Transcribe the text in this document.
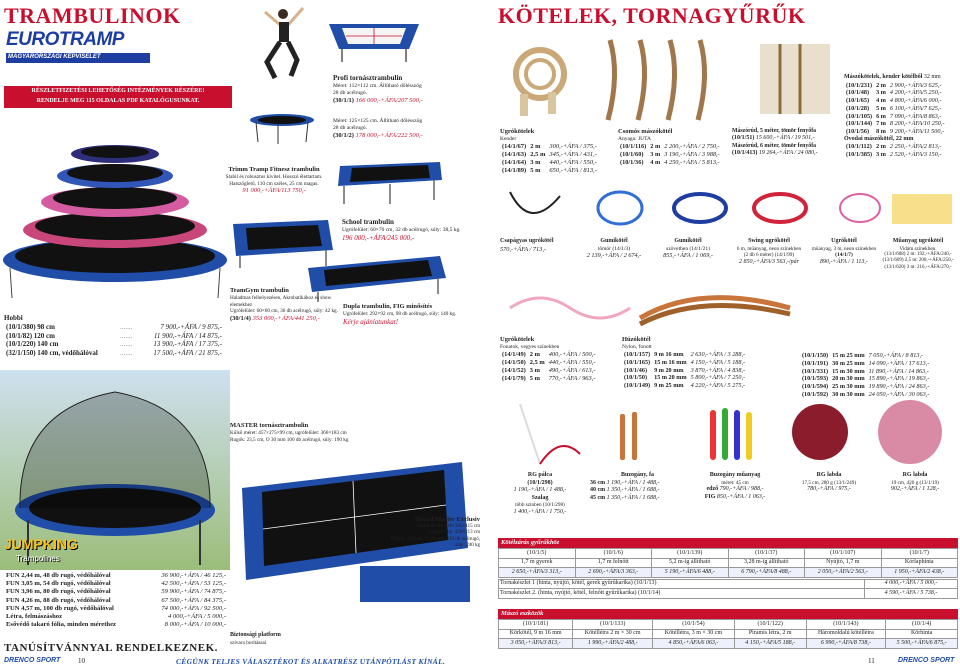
TRAMBULINOK
EUROTRAMP
MAGYARORSZÁGI KÉPVISELET
RÉSZLETFIZETÉSI LEHETŐSÉG INTÉZMÉNYEK RÉSZÉRE!
RENDELJE MEG 115 OLDALAS PDF KATALÓGUSUNKAT.
Profi tornásztrambulin
Méret: 112×112 cm. Állítható dőlésszög
28 db acélrugó.
(30/1/1) 166 000,-+ÁFA/207 500,-
Méret: 125×125 cm. Állítható dőlésszög
28 db acélrugó.
(30/1/2) 178 000,-+ÁFA/222 500,-
Trimm Tramp Fitnesz trambulin
Stabil és robusztus kivitel. Hosszú élettartam.
Hatszögletű, 110 cm széles, 25 cm magas.
91 000,-+ÁFA/113 750,-
School trambulin
Ugrófelület: 60×70 cm, 32 db acélrugó, súly: 38,5 kg.
196 000,-+ÁFA/245 000,-
TeamGym trambulin
Haladtnas felhelyezésen, Akrobatikához és show elemekhez
Ugrófelület: 60×60 cm, 36 db acélrugó, súly: 42 kg.
(30/1/4) 353 000,-+ÁFA/441 250,-
Dupla trambulin, FIG minősítés
Ugrófelület: 292×92 cm, 98 db acélrugó, súly: 140 kg.
Kérje ajánlatunkat!
Hobbi
(10/1/380) 98 cm	.......	7 900,-+ÁFA / 9 875,-
(10/1/82) 120 cm	.......	11 900,-+ÁFA / 14 875,-
(10/1/220) 140 cm	.......	13 900,-+ÁFA / 17 375,-
(32/1/150) 140 cm, védőhálóval	.......	17 500,-+ÁFA / 21 875,-
JUMPKING
Trampolines
FUN 2,44 m, 48 db rugó, védőhálóval	36 900,-+ÁFA / 46 125,-
FUN 3,05 m, 54 db rugó, védőhálóval	42 500,-+ÁFA / 53 125,-
FUN 3,96 m, 80 db rugó, védőhálóval	59 900,-+ÁFA / 74 875,-
FUN 4,26 m, 88 db rugó, védőhálóval	67 500,-+ÁFA / 84 375,-
FUN 4,57 m, 100 db rugó, védőhálóval	74 000,-+ÁFA / 92 500,-
Létra, felmászáshoz	4 000,-+ÁFA / 5 000,-
Esővédő takaró fólia, minden mérethez	8 000,-+ÁFA / 10 000,-
MASTER tornásztrambulin
Külső méret: 457×275×99 cm, ugrófelület: 366×183 cm
Rugók: 23,5 cm, O 30 mm 100 db acélrugó, súly: 190 kg
Grand Master Exclusiv
Külső méret: 520×305×115 cm
Ugrófelület: 426×213 cm
Rugók: 25,8 cm, O 29 mm, 118 db acélrugó,
súly: 240 kg
Biztonsági platform
szivacs borítással
TANÚSÍTVÁNNYAL RENDELKEZNEK.
DRENCO SPORT	10
KÖTELEK, TORNAGYŰRŰK
Ugrókötelek
Kender
(14/1/67)	2 m	300,-+ÁFA / 375,-
(14/1/63)	2,5 m	345,-+ÁFA / 431,-
(14/1/64)	3 m	440,-+ÁFA / 550,-
(14/1/89)	5 m	650,-+ÁFA / 813,-
Csomós mászókötél
Anyaga: JUTA
(10/1/116)	2 m	2 200,-+ÁFA / 2 750,-
(10/1/60)	3 m	3 190,-+ÁFA / 3 988,-
(10/1/36)	4 m	4 250,-+ÁFA / 5 813,-
Mászórúd, 5 méter, tömör fenyőfa
(10/1/51) 15 600,-+ÁFA / 19 501,-
Mászórúd, 6 méter, tömör fenyőfa
(10/1/413) 19 264,-+ÁFA / 24 080,-
Mászókötelek, kender kötélből 32 mm
(10/1/231)	2 m	2 900,-+ÁFA/3 625,-
(10/1/48)	3 m	4 200,-+ÁFA/5 250,-
(10/1/65)	4 m	4 800,-+ÁFA/6 000,-
(10/1/28)	5 m	6 100,-+ÁFA/7 625,-
(10/1/105)	6 m	7 090,-+ÁFA/8 863,-
(10/1/144)	7 m	8 200,-+ÁFA/10 250,-
(10/1/56)	8 m	9 200,-+ÁFA/11 500,-
Óvodai mászókötél, 22 mm
(10/1/112)	2 m	2 250,-+ÁFA/2 813,-
(10/1/385)	3 m	2 520,-+ÁFA/3 150,-
Csapágyas ugrókötél
570,-+ÁFA / 713,-
Gumikötél
tömör (14/1/3)
2 139,-+ÁFA / 2 674,-
Gumikötél
szövetben (14/1/21)
855,-+ÁFA / 1 069,-
Swing ugrókötél
6 m, műanyag, neon színekben
(2 db 6 méter) (14/1/99)
2 850,-+ÁFA/3 563,-/pár
Ugrókötél
műanyag, 3 m, neon színekben
(14/1/7)
890,-+ÁFA / 1 113,-
Műanyag ugrókötél
Vidám színekben.
(13/1/608) 2 m: 192,-+ÁFA/240,-
(13/1/609) 2,5 m: 200,-+ÁFA/250,-
(13/1/620) 3 m: 216,-+ÁFA/270,-
Ugrókötelek
Fonatok, vegyes színekben
(14/1/49)	2 m	400,-+ÁFA / 500,-
(14/1/50)	2,5 m	440,-+ÁFA / 550,-
(14/1/52)	3 m	490,-+ÁFA / 613,-
(14/1/79)	5 m	770,-+ÁFA / 963,-
Húzókötél
Nylon, fonott
(10/1/157)	9 m 16 mm	2 630,-+ÁFA / 3 288,-
(10/1/165)	15 m 16 mm	4 150,-+ÁFA / 5 188,-
(10/1/46)	9 m 20 mm	3 870,-+ÁFA / 4 838,-
(10/1/50)	15 m 20 mm	5 800,-+ÁFA / 7 250,-
(10/1/149)	9 m 25 mm	4 220,-+ÁFA / 5 275,-
(10/1/150)	15 m 25 mm	7 050,-+ÁFA / 8 813,-
(10/1/191)	30 m 25 mm	14 090,-+ÁFA / 17 613,-
(10/1/331)	15 m 30 mm	11 890,-+ÁFA / 14 863,-
(10/1/593)	20 m 30 mm	15 890,-+ÁFA / 19 863,-
(10/1/594)	25 m 30 mm	19 890,-+ÁFA / 24 863,-
(10/1/592)	30 m 30 mm	24 050,-+ÁFA / 30 063,-
RG pálca
(10/1/298)
1 190,-+ÁFA / 1 488,-
Szalag
több színben (10/1/298)
1 400,-+ÁFA / 1 750,-
Buzogány, fa
36 cm 1 190,-+ÁFA / 1 488,-
40 cm 1 350,-+ÁFA / 1 688,-
45 cm 1 350,-+ÁFA / 1 688,-
Buzogány műanyag
méret: 45 cm
edző 790,-+ÁFA / 988,-
FIG 850,-+ÁFA / 1 063,-
RG labda
17,5 cm, 280 g (13/1/249)
780,-+ÁFA / 975,-
RG labda
19 cm, 420 g (13/1/19)
902,-+ÁFA / 1 128,-
Kötélzárás gyűrűkhöz
(10/1/5)	(10/1/6)	(10/1/139)	(10/1/37)	(10/1/107)	(10/1/7)
1,7 m gyerek	1,7 m felnőtt	5,2 m-ig állítható	3,28 m-ig állítható	Nyújtó, 1,7 m	Kórlaphinta
2 650,-+ÁFA/3 313,-	2 690,-+ÁFA/3 363,-	5 190,-+ÁFA/6 488,-	6 790,-+ÁFA/8 488,-	2 050,-+ÁFA/2 563,-	1 950,-+ÁFA/2 438,-
Tornakészlet 1 (hinta, nyújtó, kötél, gerek gyűrűkarika) (10/1/13)	4 000,-+ÁFA / 5 000,-
Tornakészlet 2. (hinta, nyújtó, kötél, felnőtt gyűrűkarika) (10/1/14)	4 590,-+ÁFA / 5 738,-
Mászó eszközök
(10/1/181)	(10/1/133)	(10/1/54)	(10/1/122)	(10/1/143)	(10/1/4)
Körkötél, 9 m 16 mm	Kötéllétra 2 m × 30 cm	Kötéllétra, 3 m × 30 cm	Piramis létra, 2 m	Háromoldalú kötéllétra	Körhinta
3 050,-+ÁFA/3 813,-	1 990,-+ÁFA/2 488,-	4 850,-+ÁFA/6 063,-	4 150,-+ÁFA/5 188,-	6 990,-+ÁFA/8 738,-	5 500,-+ÁFA/6 875,-
CÉGÜNK TELJES VÁLASZTÉKOT ÉS ALKATRÉSZ UTÁNPÓTLÁST KÍNÁL.	11	DRENCO SPORT
